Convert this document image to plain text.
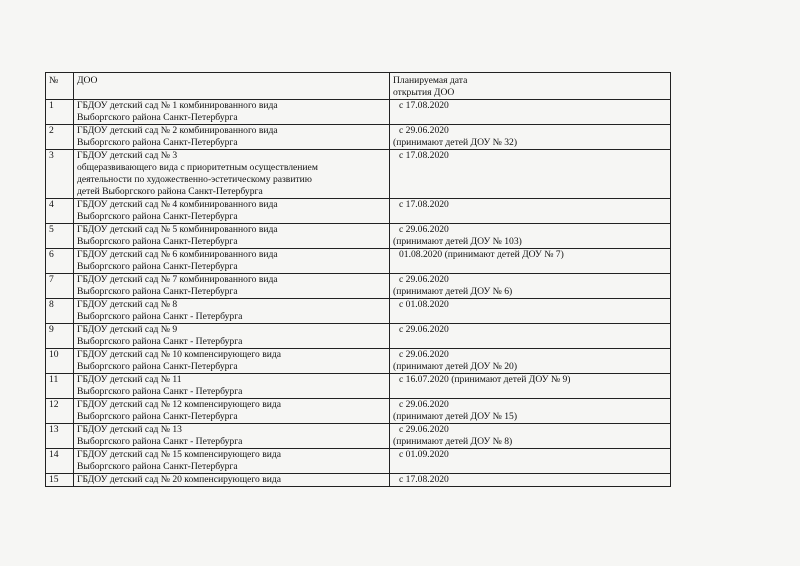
№	ДОО	Планируемая дата
открытия ДОО

1	ГБДОУ детский сад № 1 комбинированного вида
Выборгского района Санкт-Петербурга	с 17.08.2020

2	ГБДОУ детский сад № 2 комбинированного вида
Выборгского района Санкт-Петербурга	с 29.06.2020
(принимают детей ДОУ № 32)

3	ГБДОУ детский сад № 3
общеразвивающего вида с приоритетным осуществлением
деятельности по художественно-эстетическому развитию
детей Выборгского района Санкт-Петербурга	с 17.08.2020

4	ГБДОУ детский сад № 4 комбинированного вида
Выборгского района Санкт-Петербурга	с 17.08.2020

5	ГБДОУ детский сад № 5 комбинированного вида
Выборгского района Санкт-Петербурга	с 29.06.2020
(принимают детей ДОУ № 103)

6	ГБДОУ детский сад № 6 комбинированного вида
Выборгского района Санкт-Петербурга	01.08.2020 (принимают детей ДОУ № 7)

7	ГБДОУ детский сад № 7 комбинированного вида
Выборгского района Санкт-Петербурга	с 29.06.2020
(принимают детей ДОУ № 6)

8	ГБДОУ детский сад № 8
Выборгского района Санкт - Петербурга	с 01.08.2020

9	ГБДОУ детский сад № 9
Выборгского района Санкт - Петербурга	с 29.06.2020

10	ГБДОУ детский сад № 10 компенсирующего вида
Выборгского района Санкт-Петербурга	с 29.06.2020
(принимают детей ДОУ № 20)

11	ГБДОУ детский сад № 11
Выборгского района Санкт - Петербурга	с 16.07.2020 (принимают детей ДОУ № 9)

12	ГБДОУ детский сад № 12 компенсирующего вида
Выборгского района Санкт-Петербурга	с 29.06.2020
(принимают детей ДОУ № 15)

13	ГБДОУ детский сад № 13
Выборгского района Санкт - Петербурга	с 29.06.2020
(принимают детей ДОУ № 8)

14	ГБДОУ детский сад № 15 компенсирующего вида
Выборгского района Санкт-Петербурга	с 01.09.2020

15	ГБДОУ детский сад № 20 компенсирующего вида	с 17.08.2020
